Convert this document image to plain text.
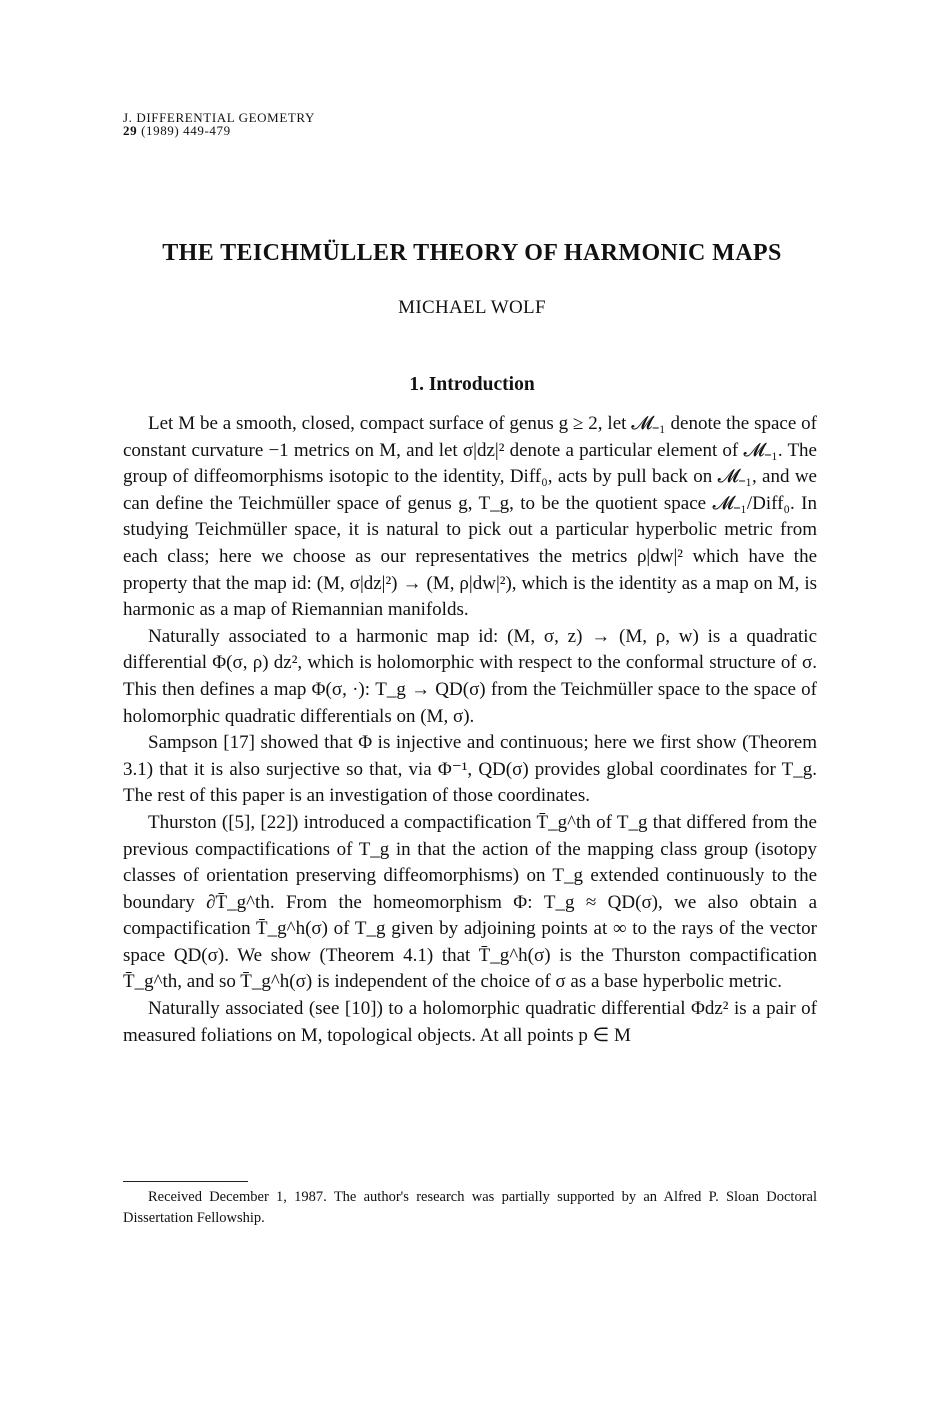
J. DIFFERENTIAL GEOMETRY
29 (1989) 449-479
THE TEICHMÜLLER THEORY OF HARMONIC MAPS
MICHAEL WOLF
1. Introduction

Let M be a smooth, closed, compact surface of genus g ≥ 2, let 𝓜₋₁ denote the space of constant curvature −1 metrics on M, and let σ|dz|² denote a particular element of 𝓜₋₁. The group of diffeomorphisms isotopic to the identity, Diff₀, acts by pull back on 𝓜₋₁, and we can define the Teichmüller space of genus g, T_g, to be the quotient space 𝓜₋₁/Diff₀. In studying Teichmüller space, it is natural to pick out a particular hyperbolic metric from each class; here we choose as our representatives the metrics ρ|dw|² which have the property that the map id: (M, σ|dz|²) → (M, ρ|dw|²), which is the identity as a map on M, is harmonic as a map of Riemannian manifolds.

Naturally associated to a harmonic map id: (M, σ, z) → (M, ρ, w) is a quadratic differential Φ(σ, ρ) dz², which is holomorphic with respect to the conformal structure of σ. This then defines a map Φ(σ, ·): T_g → QD(σ) from the Teichmüller space to the space of holomorphic quadratic differentials on (M, σ).

Sampson [17] showed that Φ is injective and continuous; here we first show (Theorem 3.1) that it is also surjective so that, via Φ⁻¹, QD(σ) provides global coordinates for T_g. The rest of this paper is an investigation of those coordinates.

Thurston ([5], [22]) introduced a compactification T̄_g^th of T_g that differed from the previous compactifications of T_g in that the action of the mapping class group (isotopy classes of orientation preserving diffeomorphisms) on T_g extended continuously to the boundary ∂T̄_g^th. From the homeomorphism Φ: T_g ≈ QD(σ), we also obtain a compactification T̄_g^h(σ) of T_g given by adjoining points at ∞ to the rays of the vector space QD(σ). We show (Theorem 4.1) that T̄_g^h(σ) is the Thurston compactification T̄_g^th, and so T̄_g^h(σ) is independent of the choice of σ as a base hyperbolic metric.

Naturally associated (see [10]) to a holomorphic quadratic differential Φdz² is a pair of measured foliations on M, topological objects. At all points p ∈ M

Received December 1, 1987. The author's research was partially supported by an Alfred P. Sloan Doctoral Dissertation Fellowship.
